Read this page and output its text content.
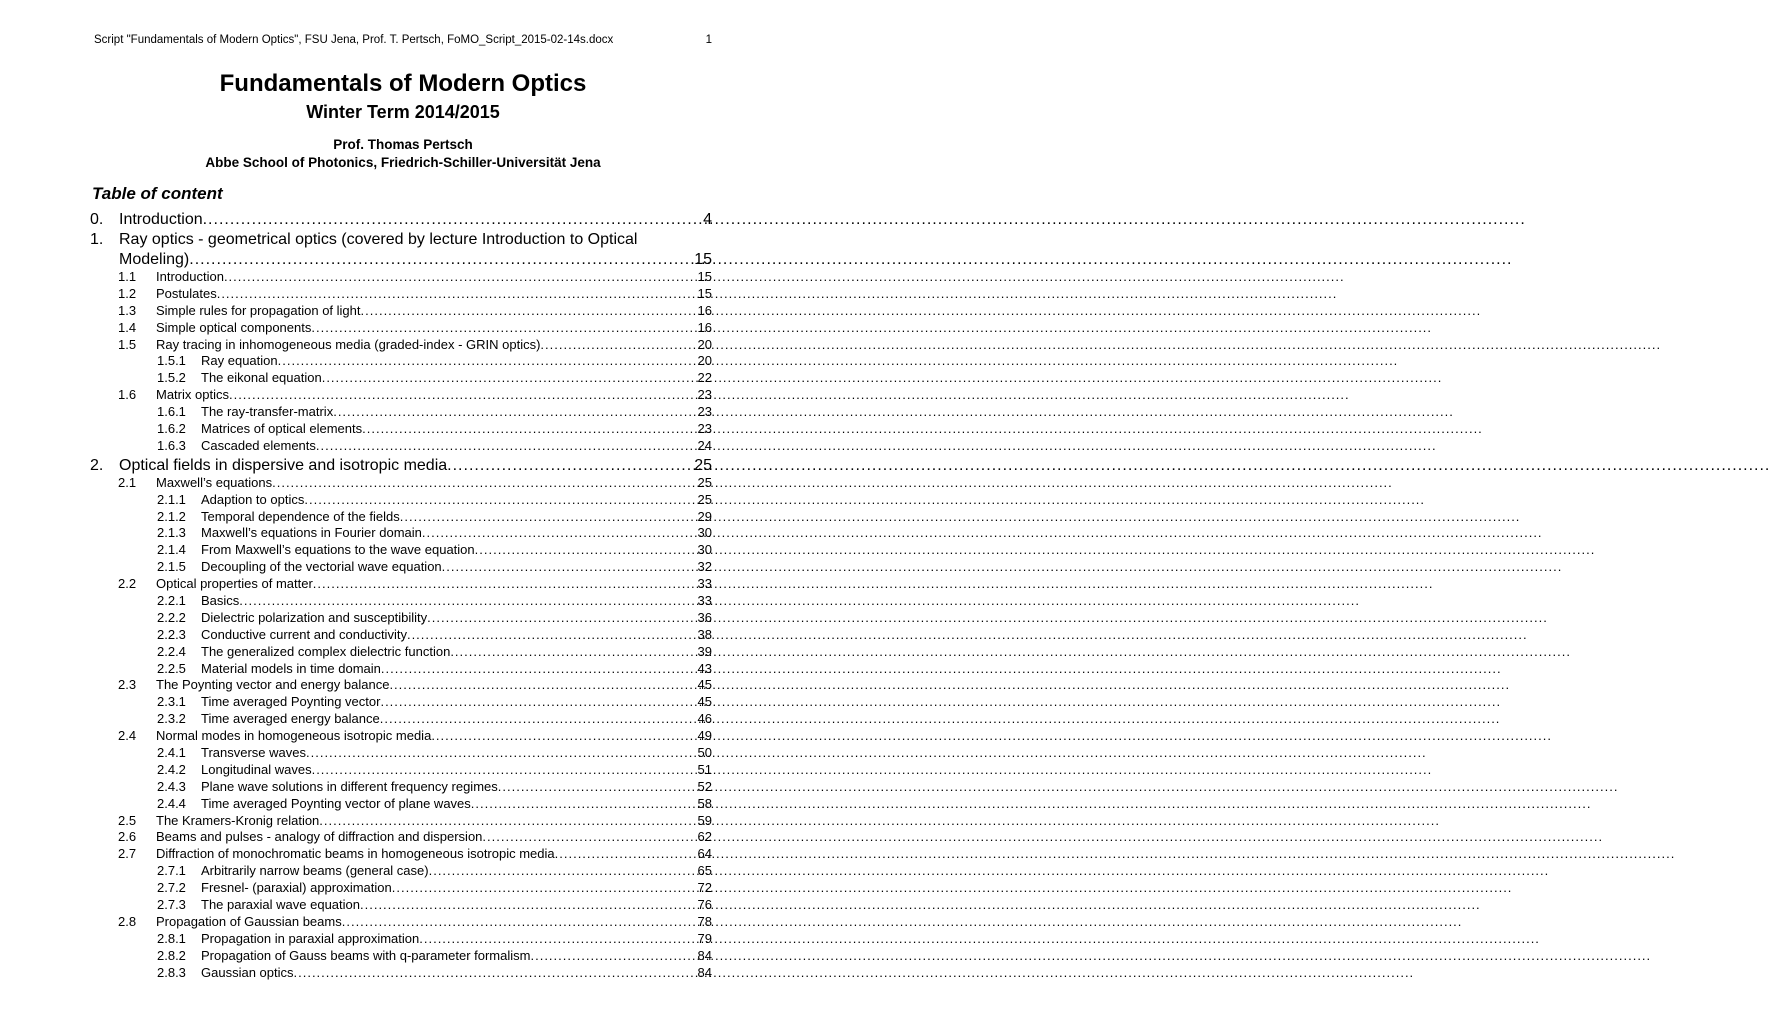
Script "Fundamentals of Modern Optics", FSU Jena, Prof. T. Pertsch, FoMO_Script_2015-02-14s.docx	1
Fundamentals of Modern Optics
Winter Term 2014/2015
Prof. Thomas Pertsch
Abbe School of Photonics, Friedrich-Schiller-Universität Jena
Table of content
0. Introduction .....	4
1. Ray optics - geometrical optics (covered by lecture Introduction to Optical
Modeling) .....	15
1.1	Introduction .....	15
1.2	Postulates .....	15
1.3	Simple rules for propagation of light .....	16
1.4	Simple optical components .....	16
1.5	Ray tracing in inhomogeneous media (graded-index - GRIN optics) .....	20
1.5.1	Ray equation .....	20
1.5.2	The eikonal equation .....	22
1.6	Matrix optics .....	23
1.6.1	The ray-transfer-matrix .....	23
1.6.2	Matrices of optical elements .....	23
1.6.3	Cascaded elements .....	24
2. Optical fields in dispersive and isotropic media .....	25
2.1	Maxwell’s equations .....	25
2.1.1	Adaption to optics .....	25
2.1.2	Temporal dependence of the fields .....	29
2.1.3	Maxwell’s equations in Fourier domain .....	30
2.1.4	From Maxwell’s equations to the wave equation .....	30
2.1.5	Decoupling of the vectorial wave equation .....	32
2.2	Optical properties of matter .....	33
2.2.1	Basics .....	33
2.2.2	Dielectric polarization and susceptibility .....	36
2.2.3	Conductive current and conductivity .....	38
2.2.4	The generalized complex dielectric function .....	39
2.2.5	Material models in time domain .....	43
2.3	The Poynting vector and energy balance .....	45
2.3.1	Time averaged Poynting vector .....	45
2.3.2	Time averaged energy balance .....	46
2.4	Normal modes in homogeneous isotropic media .....	49
2.4.1	Transverse waves .....	50
2.4.2	Longitudinal waves .....	51
2.4.3	Plane wave solutions in different frequency regimes .....	52
2.4.4	Time averaged Poynting vector of plane waves .....	58
2.5	The Kramers-Kronig relation .....	59
2.6	Beams and pulses - analogy of diffraction and dispersion .....	62
2.7	Diffraction of monochromatic beams in homogeneous isotropic media .....	64
2.7.1	Arbitrarily narrow beams (general case) .....	65
2.7.2	Fresnel- (paraxial) approximation .....	72
2.7.3	The paraxial wave equation .....	76
2.8	Propagation of Gaussian beams .....	78
2.8.1	Propagation in paraxial approximation .....	79
2.8.2	Propagation of Gauss beams with q-parameter formalism .....	84
2.8.3	Gaussian optics .....	84
